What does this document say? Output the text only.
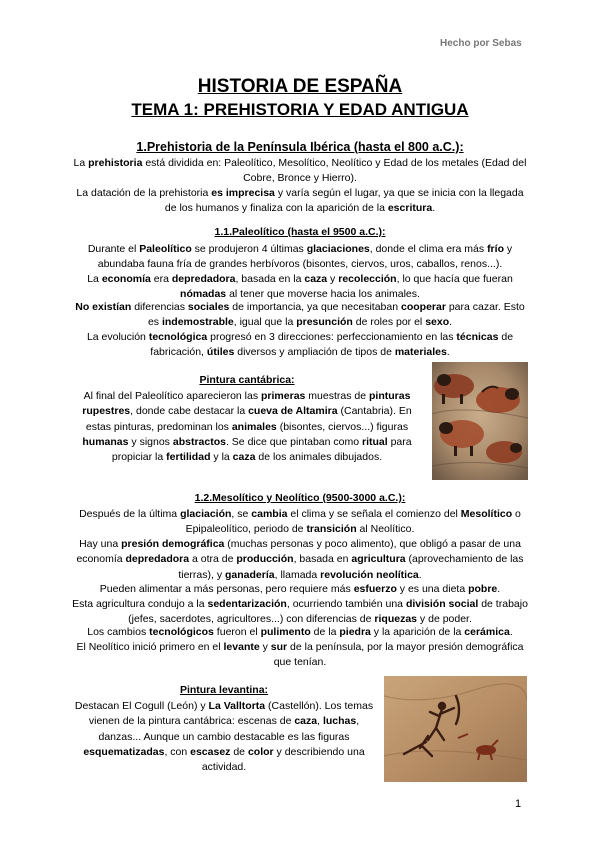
Hecho por Sebas
HISTORIA DE ESPAÑA
TEMA 1: PREHISTORIA Y EDAD ANTIGUA
1.Prehistoria de la Península Ibérica (hasta el 800 a.C.):
La prehistoria está dividida en: Paleolítico, Mesolítico, Neolítico y Edad de los metales (Edad del Cobre, Bronce y Hierro).
La datación de la prehistoria es imprecisa y varía según el lugar, ya que se inicia con la llegada de los humanos y finaliza con la aparición de la escritura.
1.1.Paleolítico (hasta el 9500 a.C.):
Durante el Paleolítico se produjeron 4 últimas glaciaciones, donde el clima era más frío y abundaba fauna fría de grandes herbívoros (bisontes, ciervos, uros, caballos, renos...).
La economía era depredadora, basada en la caza y recolección, lo que hacía que fueran nómadas al tener que moverse hacia los animales.
No existían diferencias sociales de importancia, ya que necesitaban cooperar para cazar. Esto es indemostrable, igual que la presunción de roles por el sexo.
La evolución tecnológica progresó en 3 direcciones: perfeccionamiento en las técnicas de fabricación, útiles diversos y ampliación de tipos de materiales.
Pintura cantábrica:
Al final del Paleolítico aparecieron las primeras muestras de pinturas rupestres, donde cabe destacar la cueva de Altamira (Cantabria). En estas pinturas, predominan los animales (bisontes, ciervos...) figuras humanas y signos abstractos. Se dice que pintaban como ritual para propiciar la fertilidad y la caza de los animales dibujados.
1.2.Mesolítico y Neolítico (9500-3000 a.C.):
Después de la última glaciación, se cambia el clima y se señala el comienzo del Mesolítico o Epipaleolítico, periodo de transición al Neolítico.
Hay una presión demográfica (muchas personas y poco alimento), que obligó a pasar de una economía depredadora a otra de producción, basada en agricultura (aprovechamiento de las tierras), y ganadería, llamada revolución neolítica.
Pueden alimentar a más personas, pero requiere más esfuerzo y es una dieta pobre.
Esta agricultura condujo a la sedentarización, ocurriendo también una división social de trabajo (jefes, sacerdotes, agricultores...) con diferencias de riquezas y de poder.
Los cambios tecnológicos fueron el pulimento de la piedra y la aparición de la cerámica.
El Neolítico inició primero en el levante y sur de la península, por la mayor presión demográfica que tenían.
Pintura levantina:
Destacan El Cogull (León) y La Valltorta (Castellón). Los temas vienen de la pintura cantábrica: escenas de caza, luchas, danzas... Aunque un cambio destacable es las figuras esquematizadas, con escasez de color y describiendo una actividad.
1
